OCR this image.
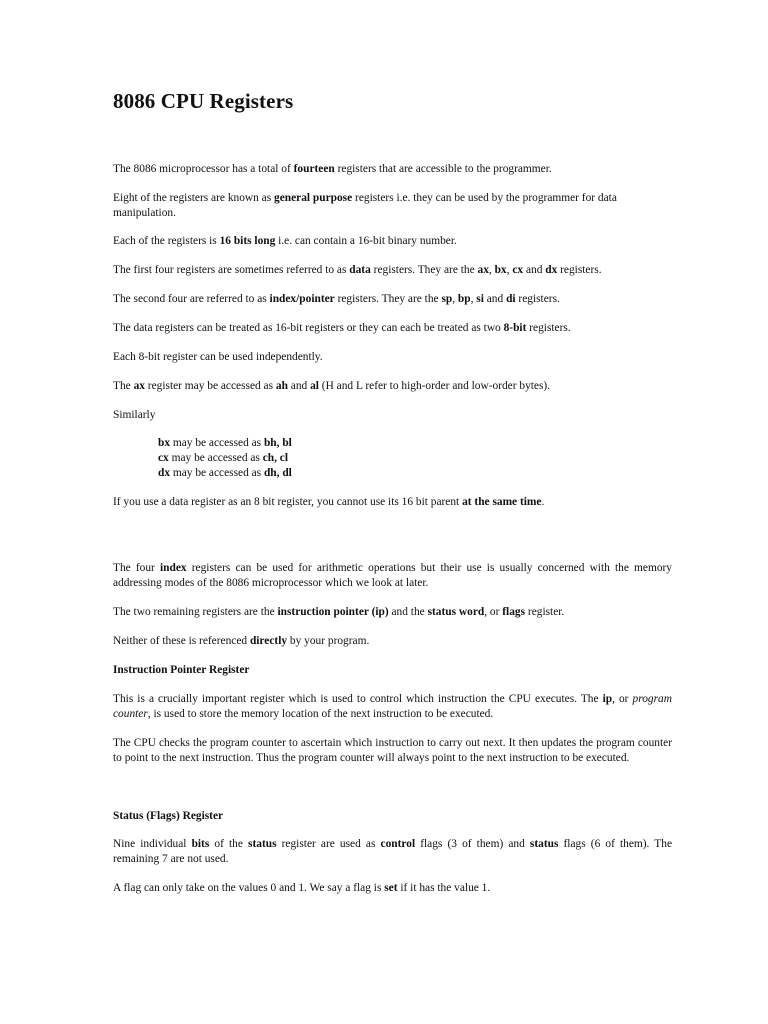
8086 CPU Registers

The 8086 microprocessor has a total of fourteen registers that are accessible to the programmer.

Eight of the registers are known as general purpose registers i.e. they can be used by the programmer for data manipulation.

Each of the registers is 16 bits long i.e. can contain a 16-bit binary number.

The first four registers are sometimes referred to as data registers. They are the ax, bx, cx and dx registers.

The second four are referred to as index/pointer registers. They are the sp, bp, si and di registers.

The data registers can be treated as 16-bit registers or they can each be treated as two 8-bit registers.

Each 8-bit register can be used independently.

The ax register may be accessed as ah and al (H and L refer to high-order and low-order bytes).

Similarly

bx may be accessed as bh, bl

cx may be accessed as ch, cl

dx may be accessed as dh, dl

If you use a data register as an 8 bit register, you cannot use its 16 bit parent at the same time.

The four index registers can be used for arithmetic operations but their use is usually concerned with the memory addressing modes of the 8086 microprocessor which we look at later.

The two remaining registers are the instruction pointer (ip) and the status word, or flags register.

Neither of these is referenced directly by your program.

Instruction Pointer Register

This is a crucially important register which is used to control which instruction the CPU executes. The ip, or program counter, is used to store the memory location of the next instruction to be executed.

The CPU checks the program counter to ascertain which instruction to carry out next. It then updates the program counter to point to the next instruction. Thus the program counter will always point to the next instruction to be executed.

Status (Flags) Register

Nine individual bits of the status register are used as control flags (3 of them) and status flags (6 of them). The remaining 7 are not used.

A flag can only take on the values 0 and 1. We say a flag is set if it has the value 1.
